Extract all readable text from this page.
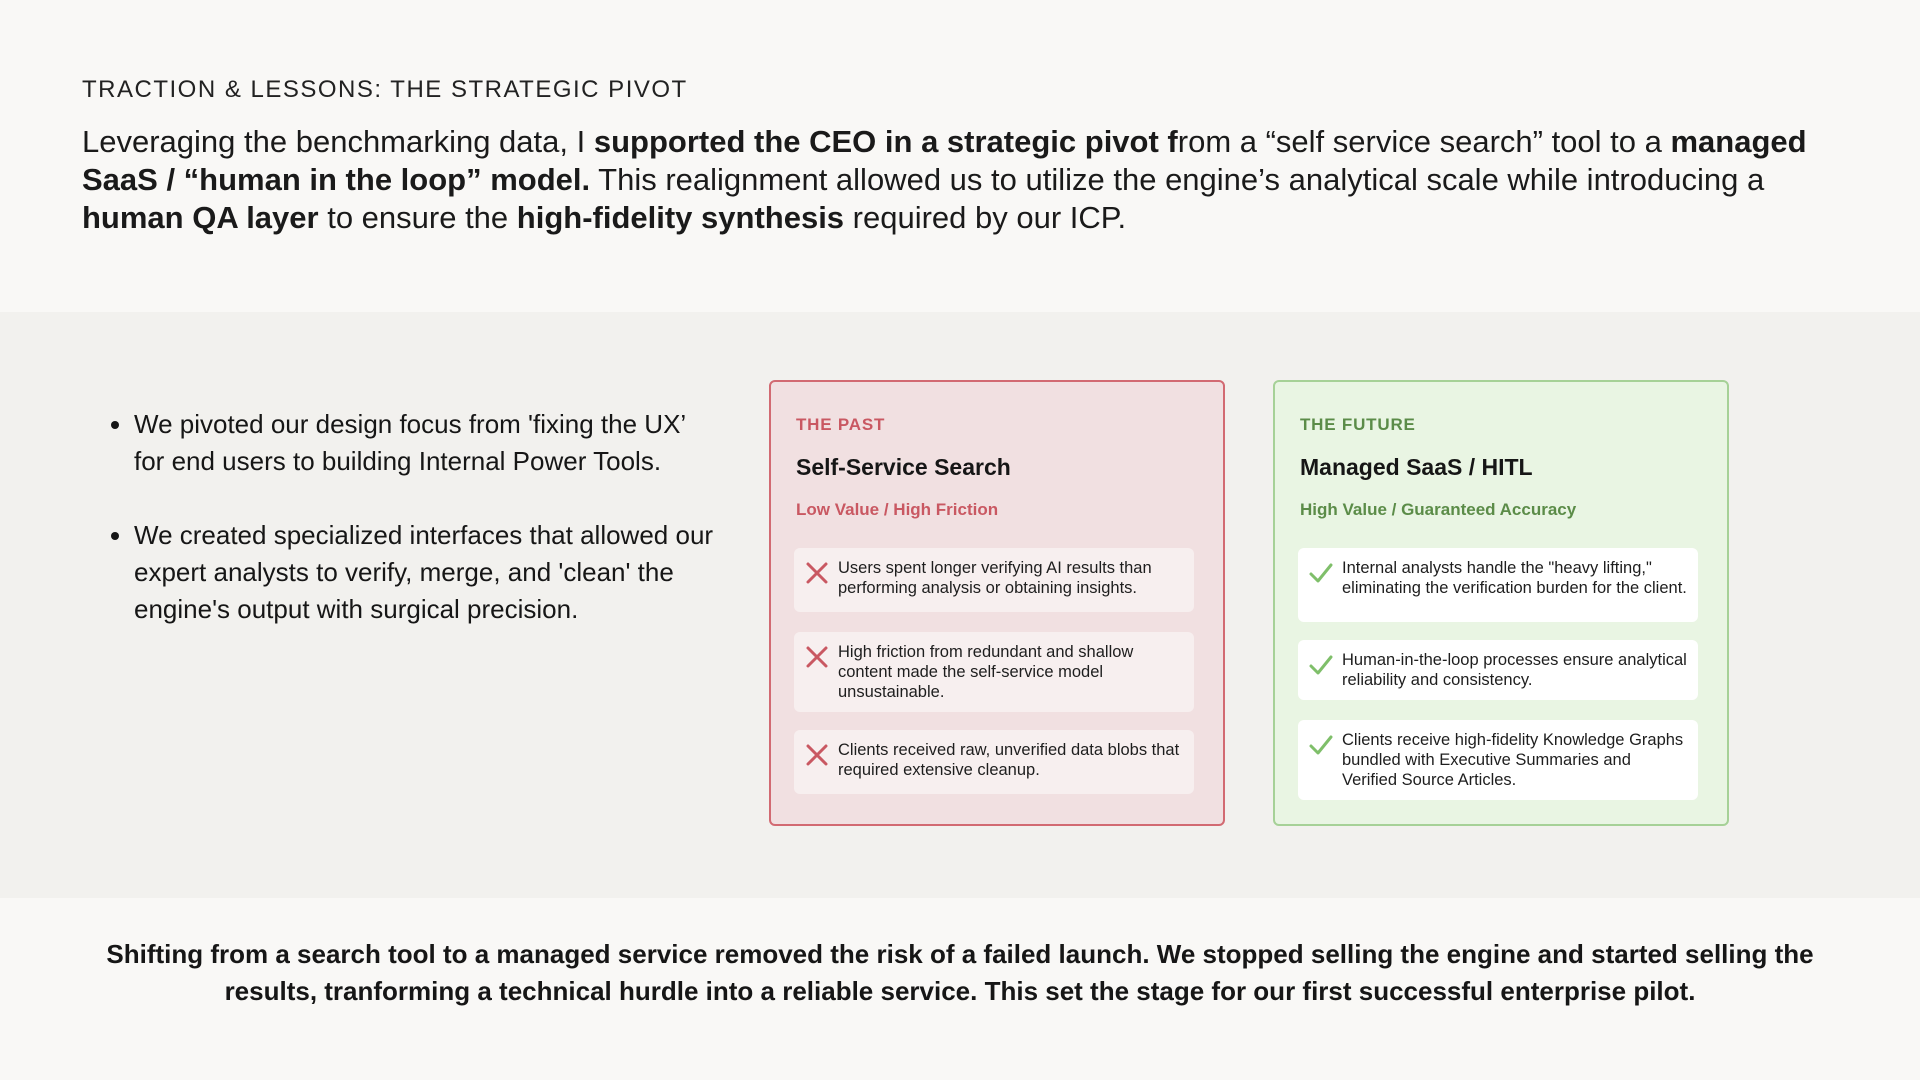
TRACTION & LESSONS: THE STRATEGIC PIVOT

Leveraging the benchmarking data, I supported the CEO in a strategic pivot from a “self service search” tool to a managed SaaS / “human in the loop” model. This realignment allowed us to utilize the engine’s analytical scale while introducing a human QA layer to ensure the high-fidelity synthesis required by our ICP.

• We pivoted our design focus from 'fixing the UX’ for end users to building Internal Power Tools.
• We created specialized interfaces that allowed our expert analysts to verify, merge, and 'clean' the engine's output with surgical precision.
THE PAST
Self-Service Search
Low Value / High Friction
Users spent longer verifying AI results than performing analysis or obtaining insights.
High friction from redundant and shallow content made the self-service model unsustainable.
Clients received raw, unverified data blobs that required extensive cleanup.
THE FUTURE
Managed SaaS / HITL
High Value / Guaranteed Accuracy
Internal analysts handle the "heavy lifting," eliminating the verification burden for the client.
Human-in-the-loop processes ensure analytical reliability and consistency.
Clients receive high-fidelity Knowledge Graphs bundled with Executive Summaries and Verified Source Articles.

Shifting from a search tool to a managed service removed the risk of a failed launch. We stopped selling the engine and started selling the results, tranforming a technical hurdle into a reliable service. This set the stage for our first successful enterprise pilot.
